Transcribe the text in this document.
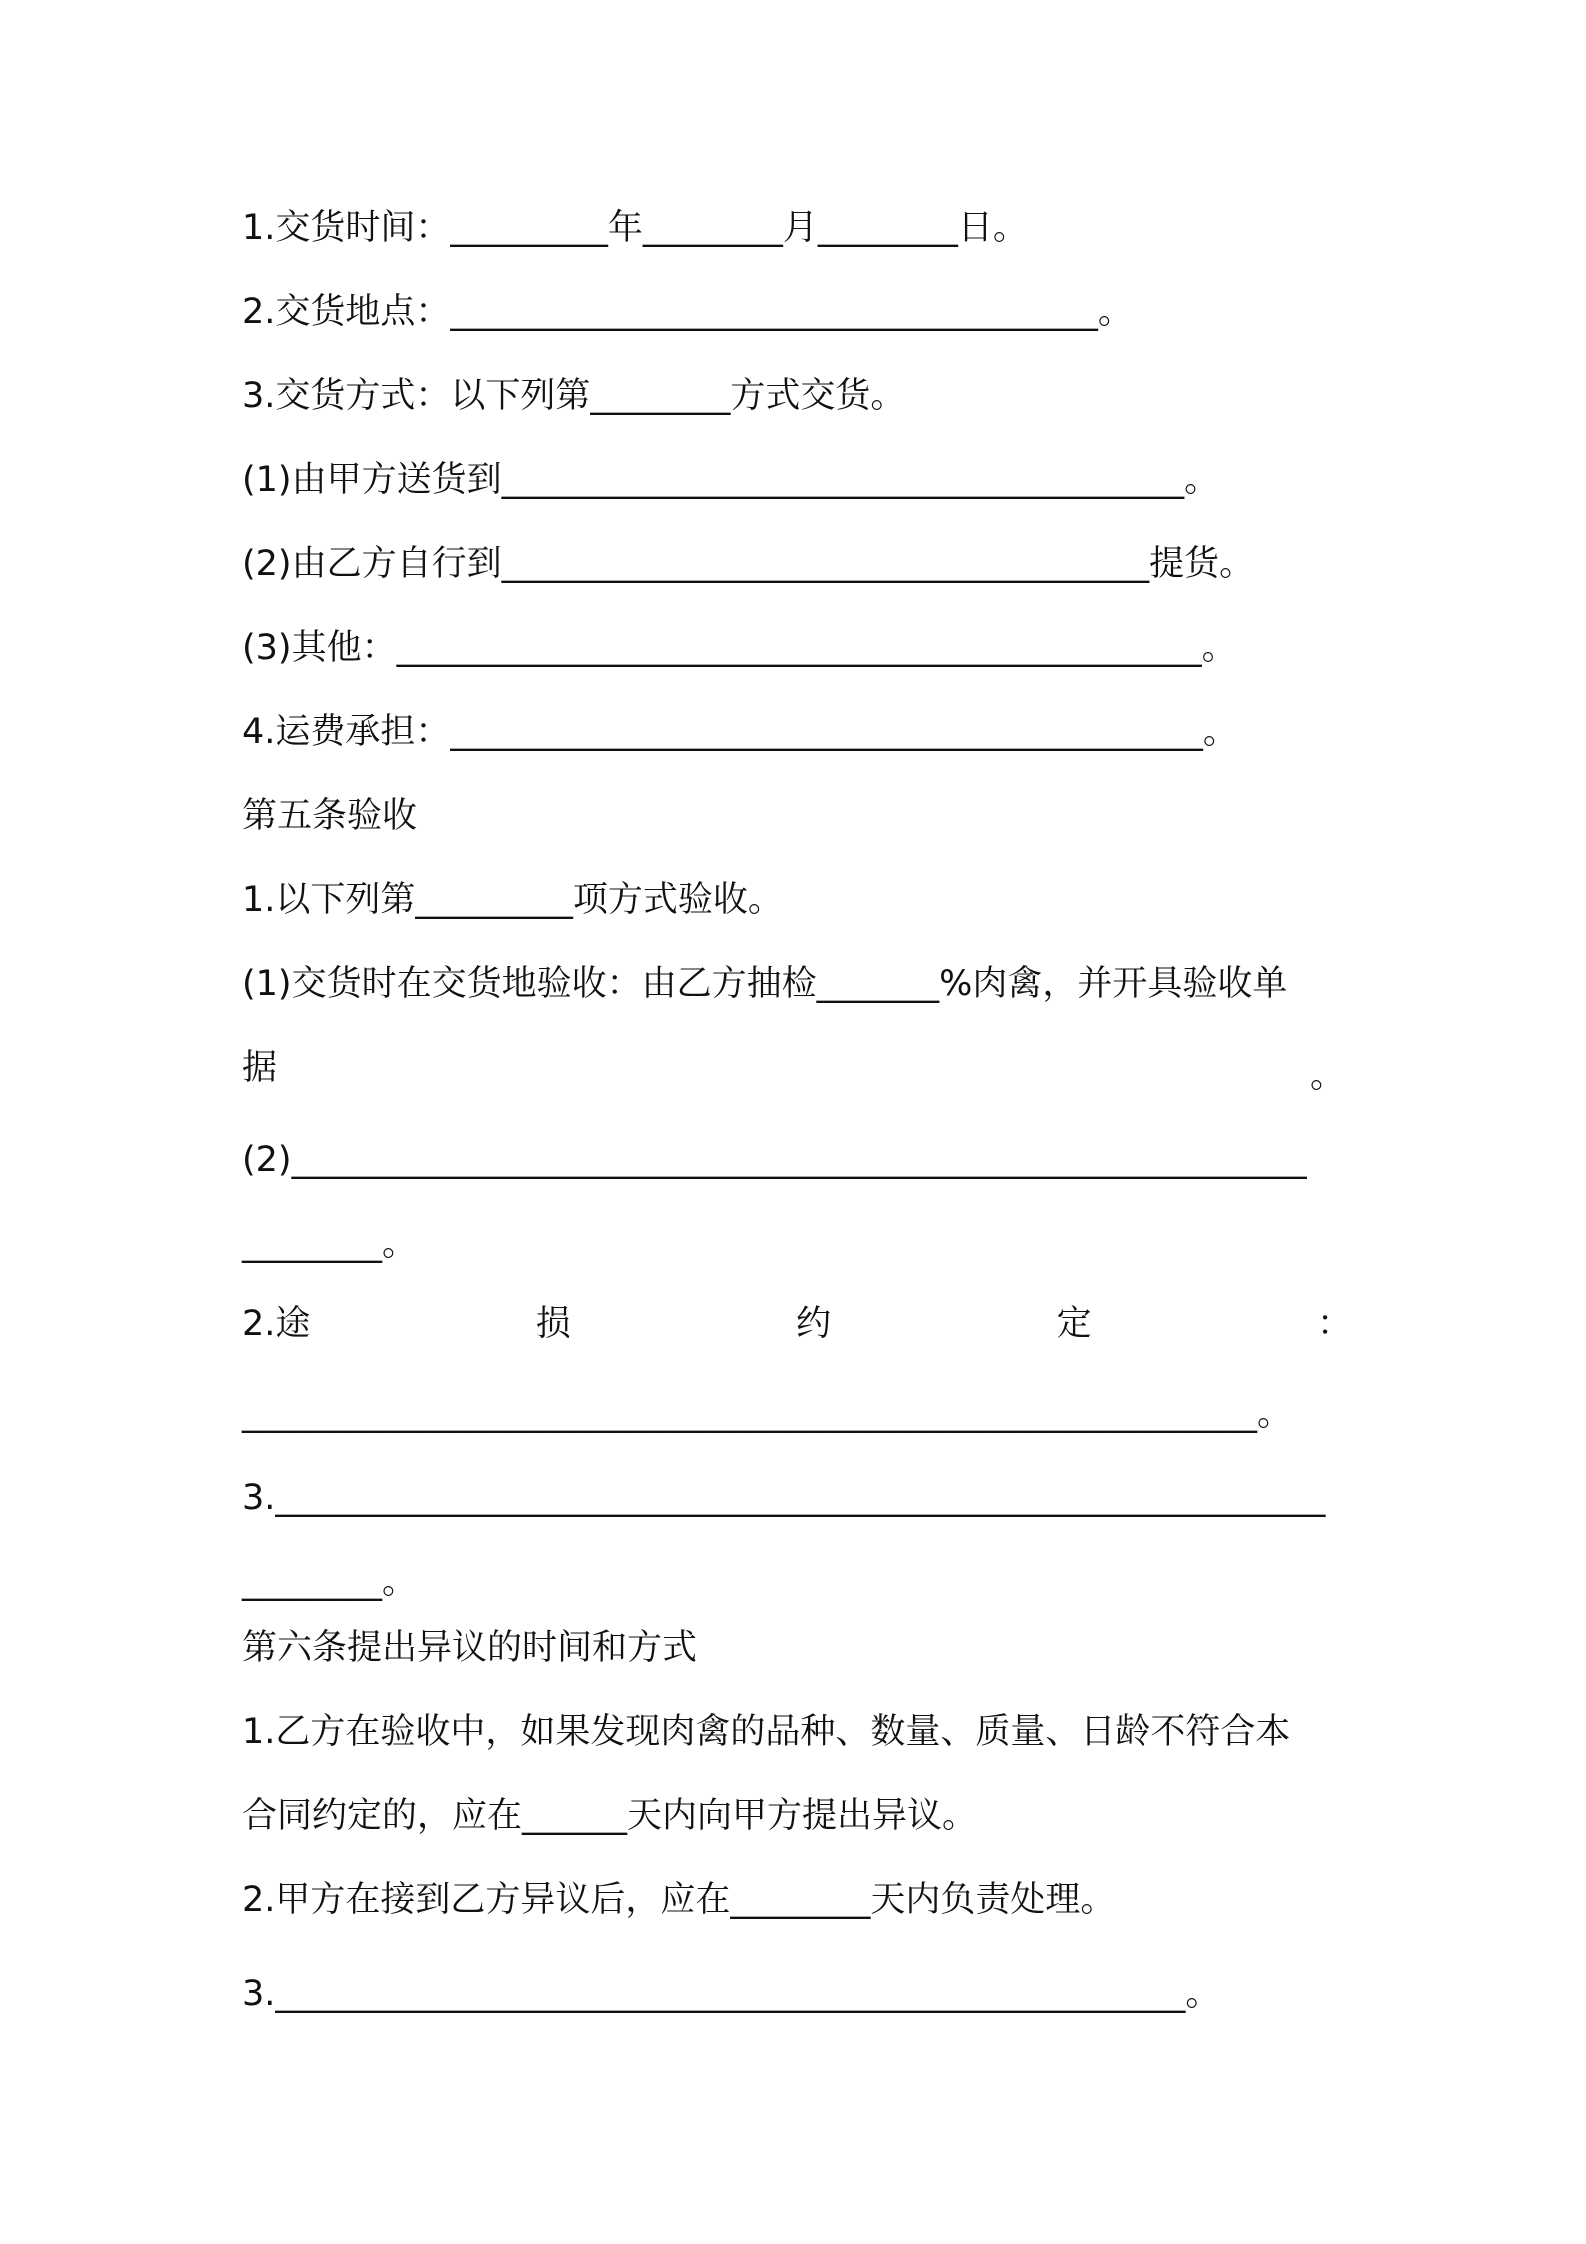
1.交货时间：_________年________月________日。
2.交货地点：_____________________________________。
3.交货方式：以下列第________方式交货。
(1)由甲方送货到_______________________________________。
(2)由乙方自行到_____________________________________提货。
(3)其他：______________________________________________。
4.运费承担：___________________________________________。
第五条验收
1.以下列第_________项方式验收。
(1)交货时在交货地验收：由乙方抽检_______%肉禽，并开具验收单
据	。
(2)__________________________________________________________
________。
2.途	损	约	定	：
__________________________________________________________。
3.____________________________________________________________
________。
第六条提出异议的时间和方式
1.乙方在验收中，如果发现肉禽的品种、数量、质量、日龄不符合本
合同约定的，应在______天内向甲方提出异议。
2.甲方在接到乙方异议后，应在________天内负责处理。
3.____________________________________________________。
